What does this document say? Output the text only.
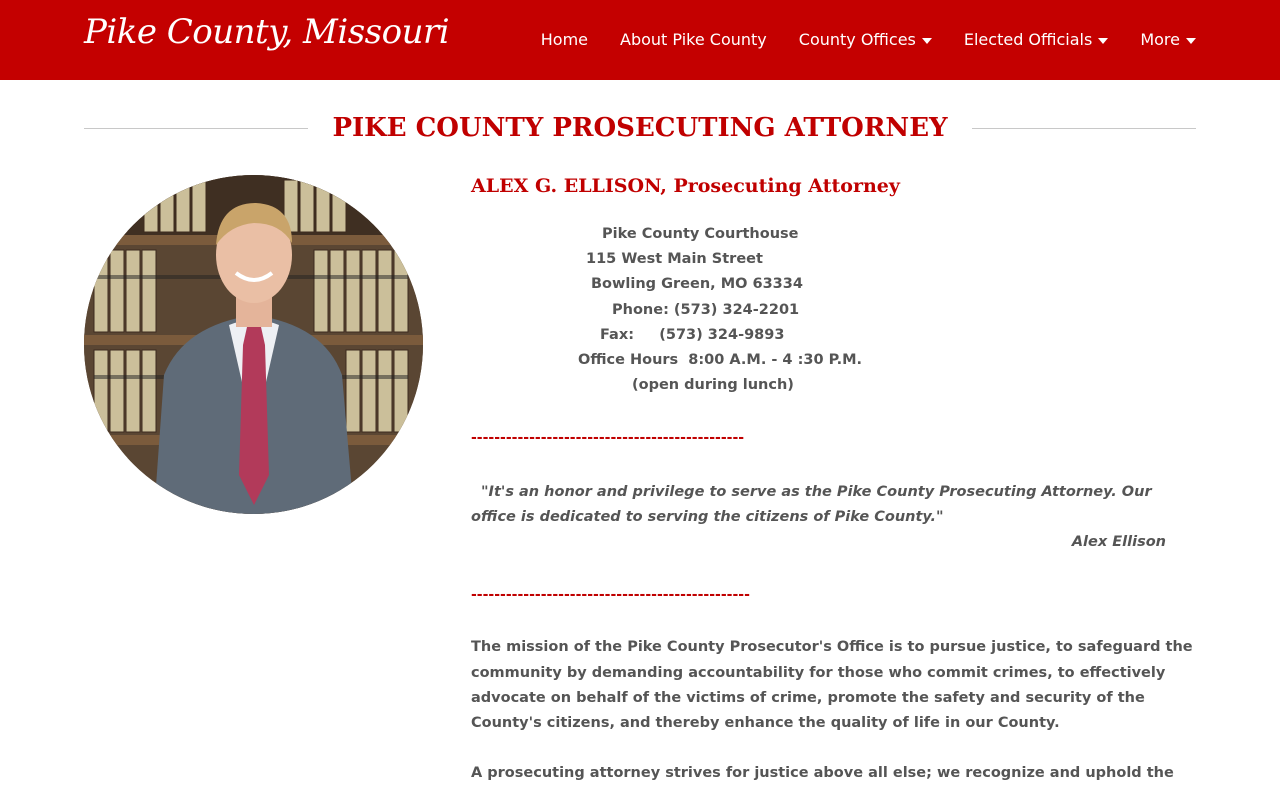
Pike County, Missouri	Home About Pike County County Offices	Elected Officials	More
PIKE COUNTY PROSECUTING ATTORNEY
ALEX G. ELLISON, Prosecuting Attorney
Pike County Courthouse
115 West Main Street
Bowling Green, MO 63334
Phone: (573) 324-2201
Fax:     (573) 324-9893
Office Hours  8:00 A.M. - 4 :30 P.M.
(open during lunch)
-----------------------------------------------
"It's an honor and privilege to serve as the Pike County Prosecuting Attorney. Our office is dedicated to serving the citizens of Pike County."
Alex Ellison
------------------------------------------------

The mission of the Pike County Prosecutor's Office is to pursue justice, to safeguard the community by demanding accountability for those who commit crimes, to effectively advocate on behalf of the victims of crime, promote the safety and security of the County's citizens, and thereby enhance the quality of life in our County.

A prosecuting attorney strives for justice above all else; we recognize and uphold the
